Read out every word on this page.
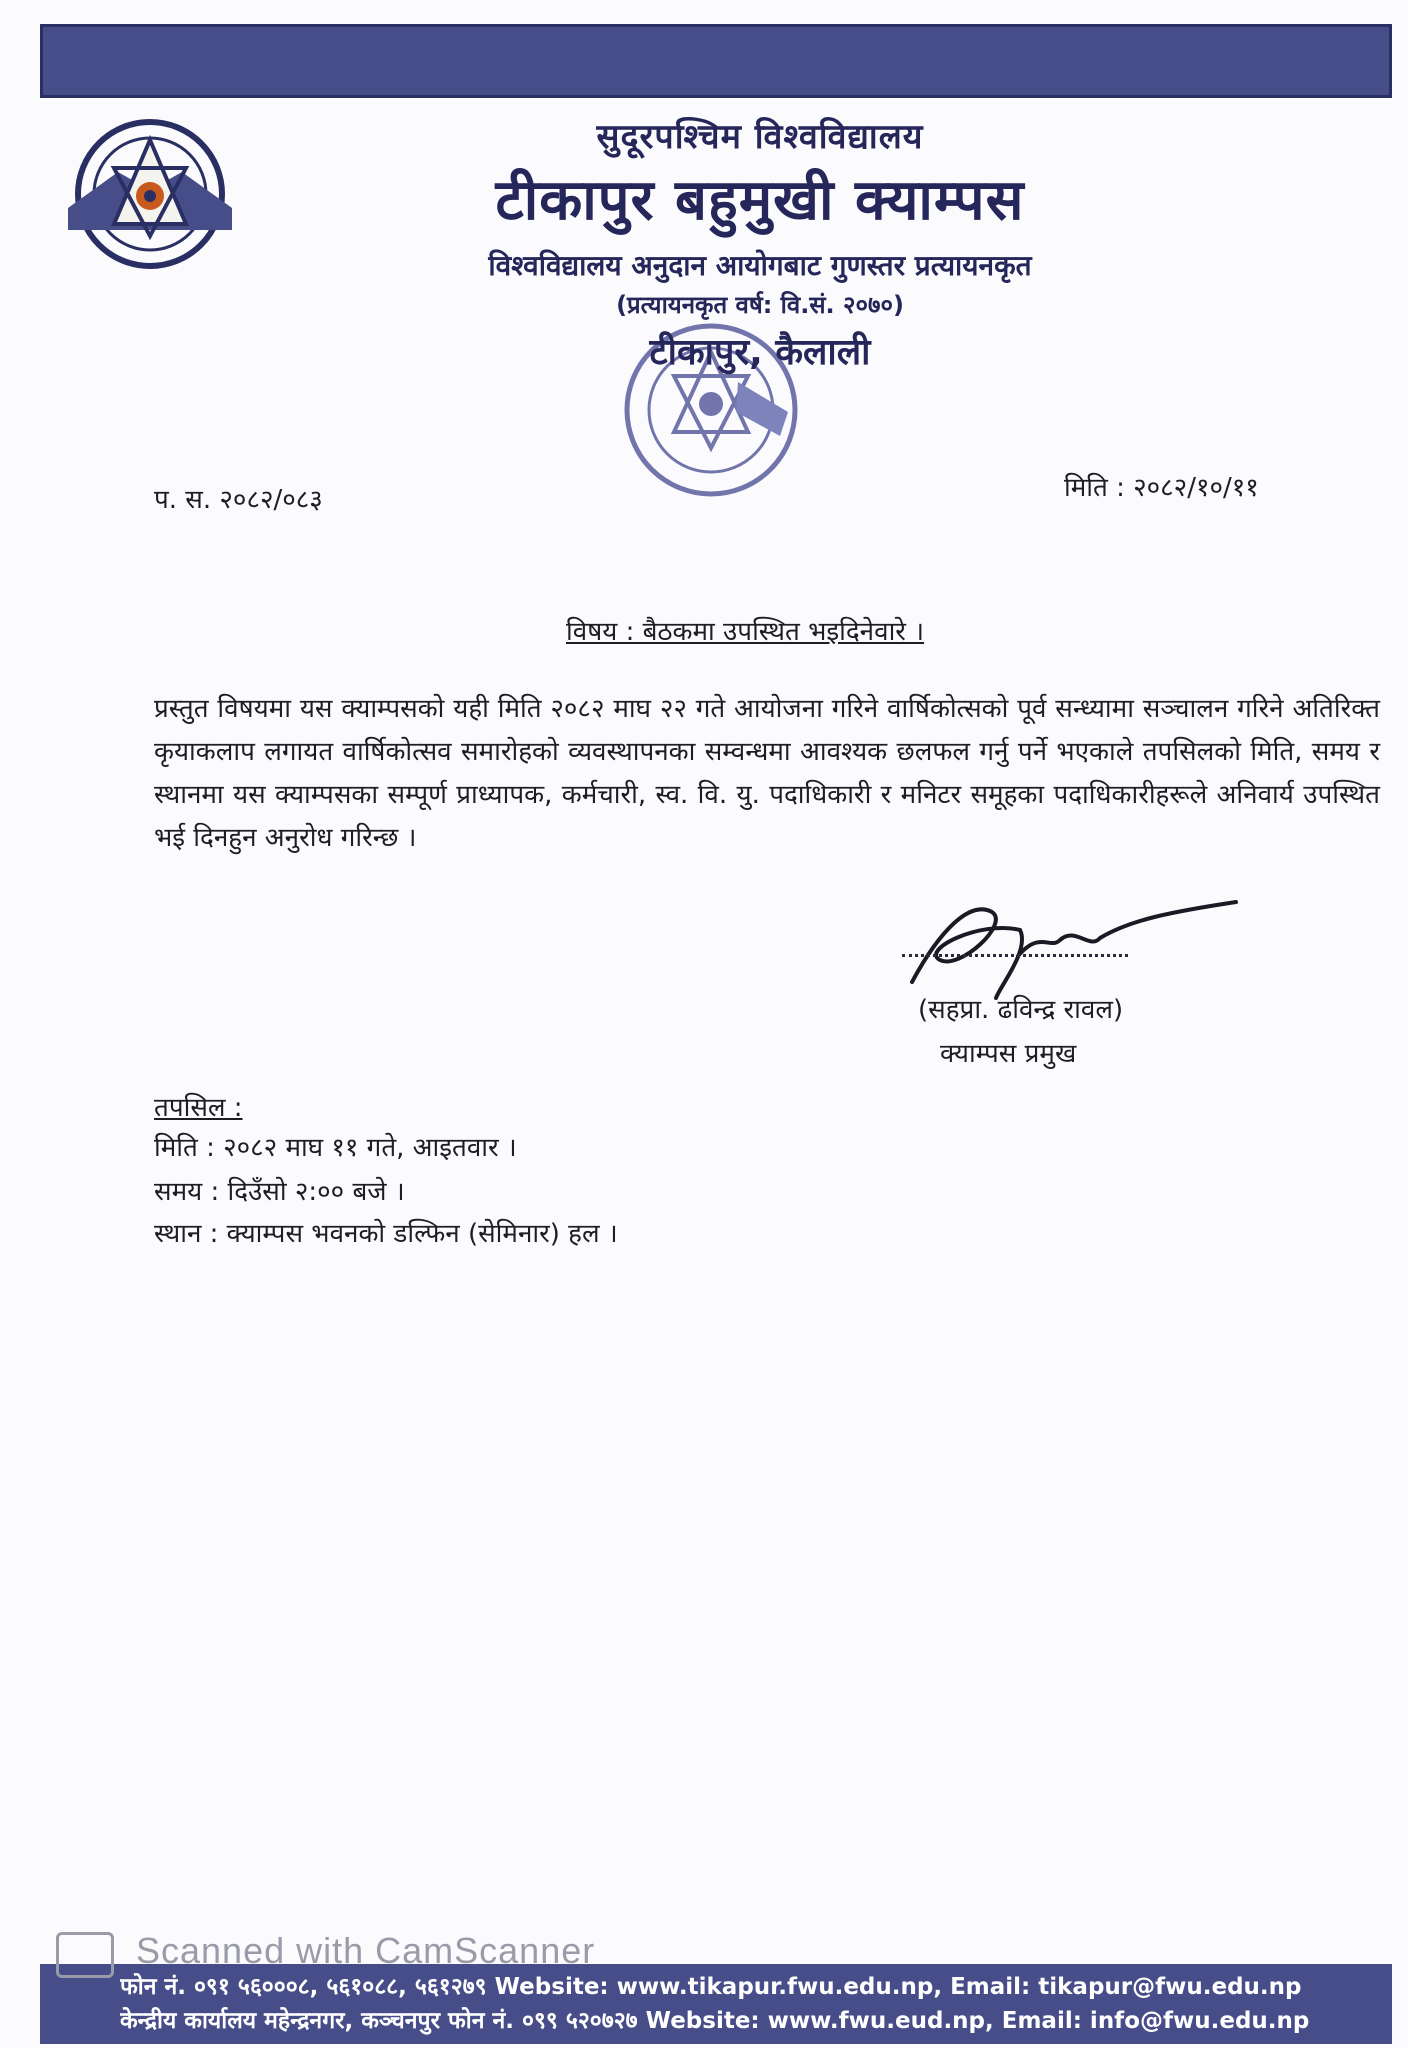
सुदूरपश्चिम विश्वविद्यालय
टीकापुर बहुमुखी क्याम्पस
विश्वविद्यालय अनुदान आयोगबाट गुणस्तर प्रत्यायनकृत
(प्रत्यायनकृत वर्ष: वि.सं. २०७०)
टीकापुर, कैलाली
प. स. २०८२/०८३	मिति : २०८२/१०/११
विषय : बैठकमा उपस्थित भइदिनेवारे ।
प्रस्तुत विषयमा यस क्याम्पसको यही मिति २०८२ माघ २२ गते आयोजना गरिने वार्षिकोत्सको पूर्व सन्ध्यामा सञ्चालन गरिने अतिरिक्त कृयाकलाप लगायत वार्षिकोत्सव समारोहको व्यवस्थापनका सम्वन्धमा आवश्यक छलफल गर्नु पर्ने भएकाले तपसिलको मिति, समय र स्थानमा यस क्याम्पसका सम्पूर्ण प्राध्यापक, कर्मचारी, स्व. वि. यु. पदाधिकारी र मनिटर समूहका पदाधिकारीहरूले अनिवार्य उपस्थित भई दिनहुन अनुरोध गरिन्छ ।
(सहप्रा. ढविन्द्र रावल)
क्याम्पस प्रमुख
तपसिल :
मिति : २०८२ माघ ११ गते, आइतवार ।
समय : दिउँसो २:०० बजे ।
स्थान : क्याम्पस भवनको डल्फिन (सेमिनार) हल ।
फोन नं. ०९१ ५६०००८, ५६१०८८, ५६१२७९ Website: www.tikapur.fwu.edu.np, Email: tikapur@fwu.edu.np
केन्द्रीय कार्यालय महेन्द्रनगर, कञ्चनपुर फोन नं. ०९९ ५२०७२७ Website: www.fwu.eud.np, Email: info@fwu.edu.np
Scanned with CamScanner
